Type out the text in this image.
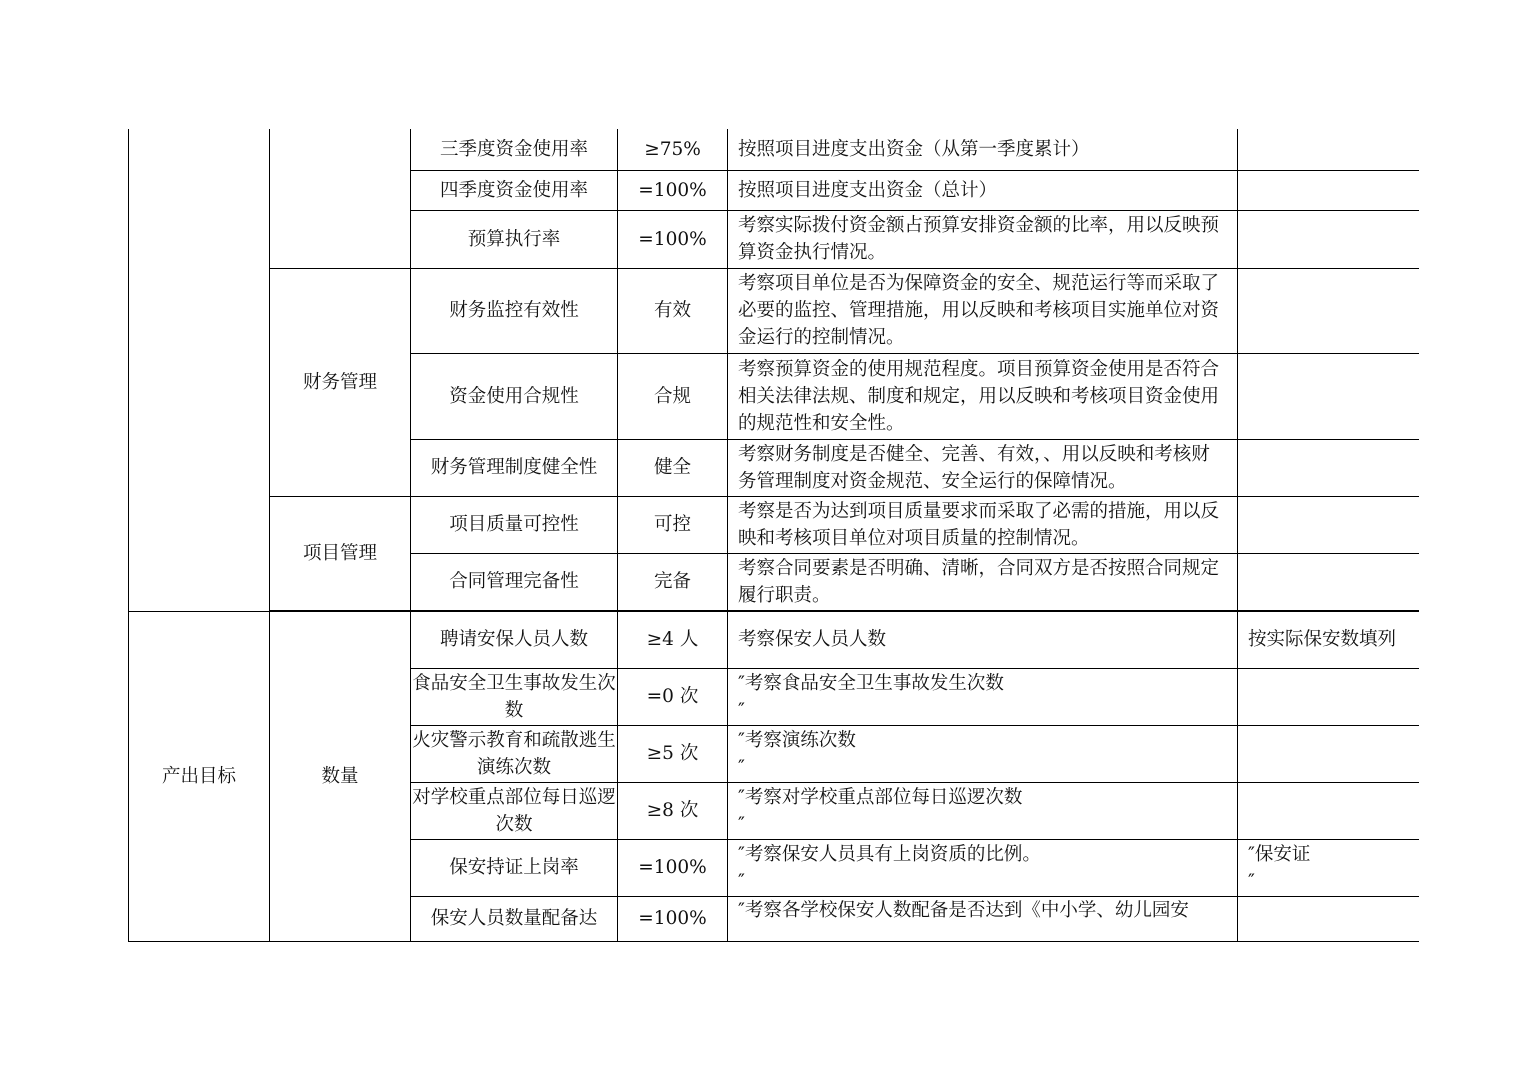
		三季度资金使用率	≥75%	按照项目进度支出资金（从第一季度累计）	
		四季度资金使用率	=100%	按照项目进度支出资金（总计）	
		预算执行率	=100%	考察实际拨付资金额占预算安排资金额的比率，用以反映预算资金执行情况。	
	财务管理	财务监控有效性	有效	考察项目单位是否为保障资金的安全、规范运行等而采取了必要的监控、管理措施，用以反映和考核项目实施单位对资金运行的控制情况。	
		资金使用合规性	合规	考察预算资金的使用规范程度。项目预算资金使用是否符合相关法律法规、制度和规定，用以反映和考核项目资金使用的规范性和安全性。	
		财务管理制度健全性	健全	考察财务制度是否健全、完善、有效，、用以反映和考核财务管理制度对资金规范、安全运行的保障情况。	
	项目管理	项目质量可控性	可控	考察是否为达到项目质量要求而采取了必需的措施，用以反映和考核项目单位对项目质量的控制情况。	
		合同管理完备性	完备	考察合同要素是否明确、清晰，合同双方是否按照合同规定履行职责。	

产出目标	数量	聘请安保人员人数	≥4 人	考察保安人员人数	按实际保安数填列
		食品安全卫生事故发生次数	=0 次	″考察食品安全卫生事故发生次数
″	

		火灾警示教育和疏散逃生演练次数	≥5 次	″考察演练次数
″	

		对学校重点部位每日巡逻次数	≥8 次	″考察对学校重点部位每日巡逻次数
″	

		保安持证上岗率	=100%	″考察保安人员具有上岗资质的比例。
″	″保安证
″

		保安人员数量配备达	=100%	″考察各学校保安人数配备是否达到《中小学、幼儿园安	
